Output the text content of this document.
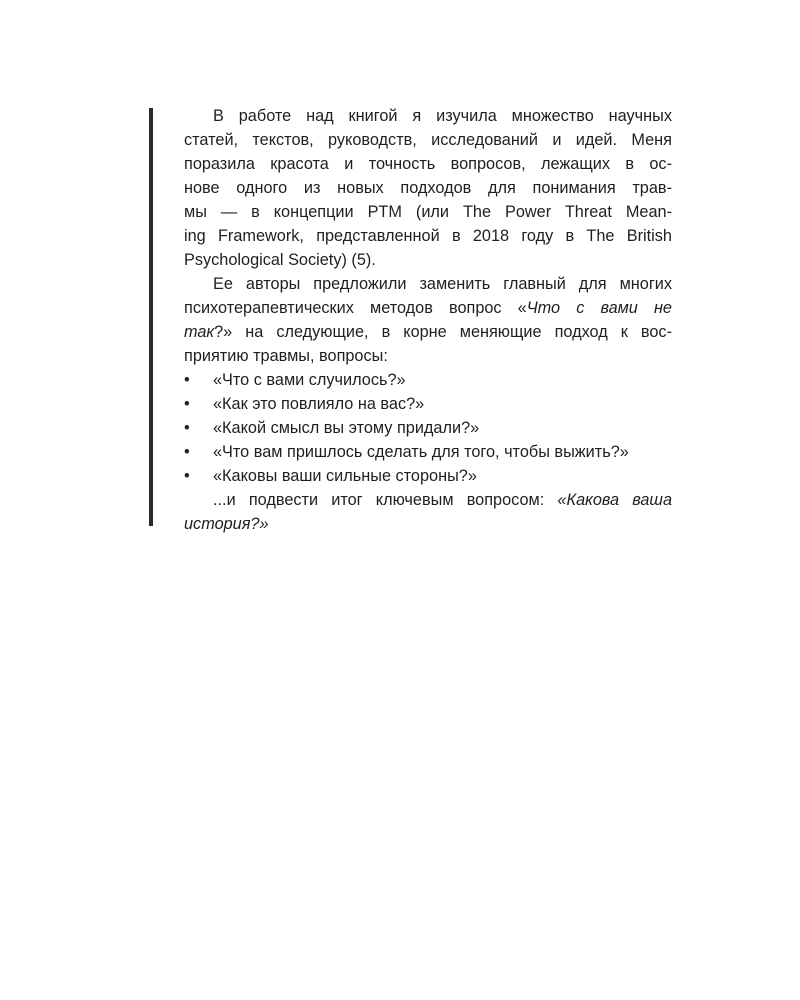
В работе над книгой я изучила множество научных
статей, текстов, руководств, исследований и идей. Меня
поразила красота и точность вопросов, лежащих в ос-
нове одного из новых подходов для понимания трав-
мы — в концепции PTM (или The Power Threat Mean-
ing Framework, представленной в 2018 году в The British
Psychological Society) (5).
Ее авторы предложили заменить главный для многих
психотерапевтических методов вопрос «Что с вами не
так?» на следующие, в корне меняющие подход к вос-
приятию травмы, вопросы:
• «Что с вами случилось?»
• «Как это повлияло на вас?»
• «Какой смысл вы этому придали?»
• «Что вам пришлось сделать для того, чтобы выжить?»
• «Каковы ваши сильные стороны?»
...и подвести итог ключевым вопросом: «Какова ваша
история?»
